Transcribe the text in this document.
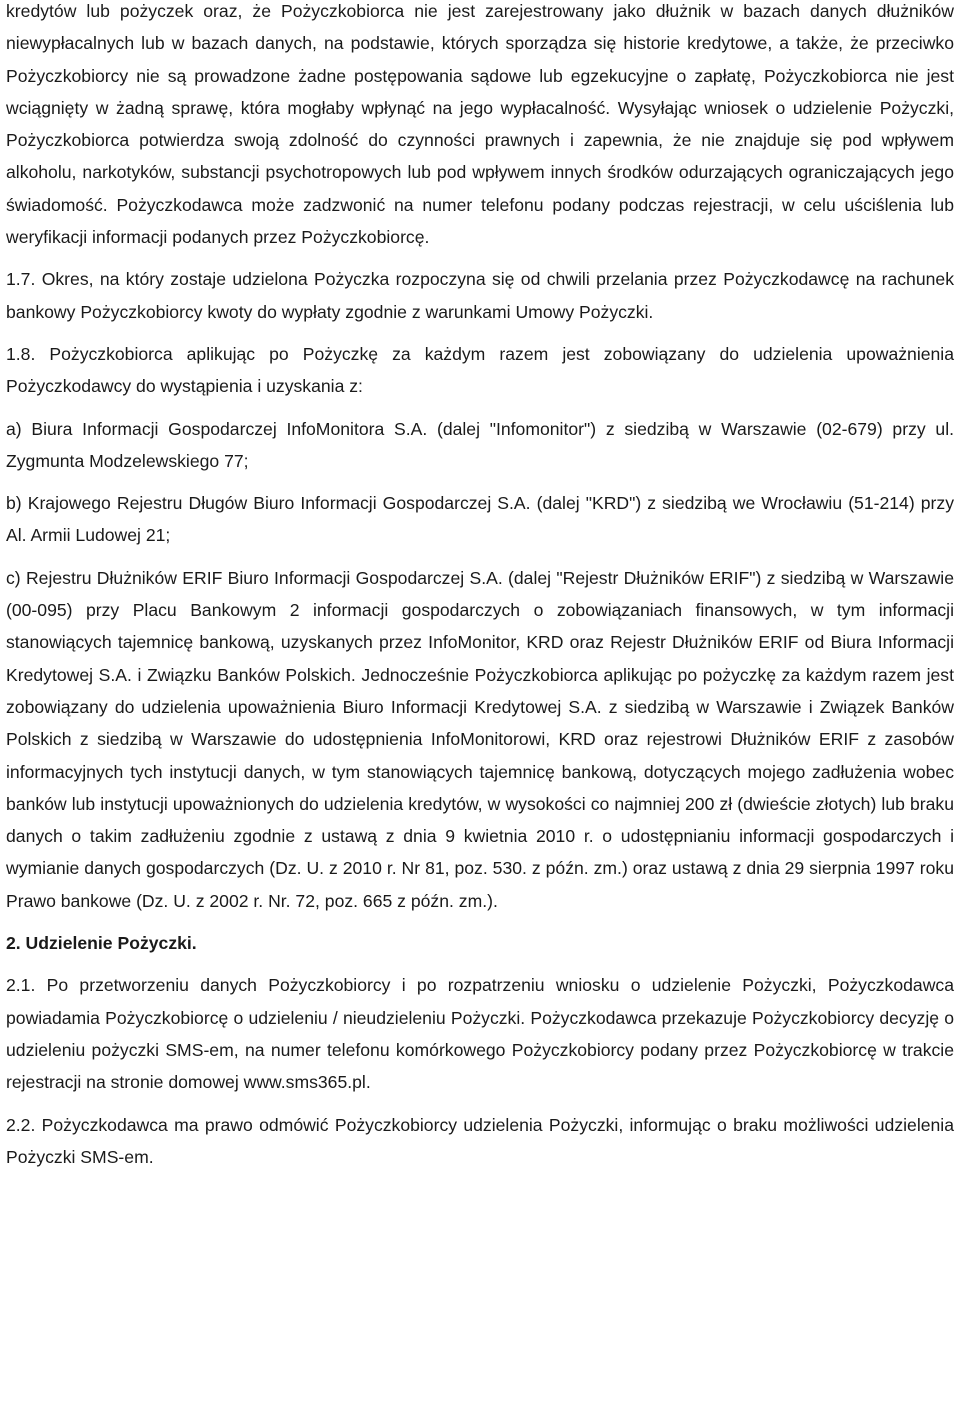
kredytów lub pożyczek oraz, że Pożyczkobiorca nie jest zarejestrowany jako dłużnik w bazach danych dłużników niewypłacalnych lub w bazach danych, na podstawie, których sporządza się historie kredytowe, a także, że przeciwko Pożyczkobiorcy nie są prowadzone żadne postępowania sądowe lub egzekucyjne o zapłatę, Pożyczkobiorca nie jest wciągnięty w żadną sprawę, która mogłaby wpłynąć na jego wypłacalność. Wysyłając wniosek o udzielenie Pożyczki, Pożyczkobiorca potwierdza swoją zdolność do czynności prawnych i zapewnia, że nie znajduje się pod wpływem alkoholu, narkotyków, substancji psychotropowych lub pod wpływem innych środków odurzających ograniczających jego świadomość. Pożyczkodawca może zadzwonić na numer telefonu podany podczas rejestracji, w celu uściślenia lub weryfikacji informacji podanych przez Pożyczkobiorcę.

1.7. Okres, na który zostaje udzielona Pożyczka rozpoczyna się od chwili przelania przez Pożyczkodawcę na rachunek bankowy Pożyczkobiorcy kwoty do wypłaty zgodnie z warunkami Umowy Pożyczki.

1.8. Pożyczkobiorca aplikując po Pożyczkę za każdym razem jest zobowiązany do udzielenia upoważnienia Pożyczkodawcy do wystąpienia i uzyskania z:

a) Biura Informacji Gospodarczej InfoMonitora S.A. (dalej "Infomonitor") z siedzibą w Warszawie (02-679) przy ul. Zygmunta Modzelewskiego 77;

b) Krajowego Rejestru Długów Biuro Informacji Gospodarczej S.A. (dalej "KRD") z siedzibą we Wrocławiu (51-214) przy Al. Armii Ludowej 21;

c) Rejestru Dłużników ERIF Biuro Informacji Gospodarczej S.A. (dalej "Rejestr Dłużników ERIF") z siedzibą w Warszawie (00-095) przy Placu Bankowym 2 informacji gospodarczych o zobowiązaniach finansowych, w tym informacji stanowiących tajemnicę bankową, uzyskanych przez InfoMonitor, KRD oraz Rejestr Dłużników ERIF od Biura Informacji Kredytowej S.A. i Związku Banków Polskich. Jednocześnie Pożyczkobiorca aplikując po pożyczkę za każdym razem jest zobowiązany do udzielenia upoważnienia Biuro Informacji Kredytowej S.A. z siedzibą w Warszawie i Związek Banków Polskich z siedzibą w Warszawie do udostępnienia InfoMonitorowi, KRD oraz rejestrowi Dłużników ERIF z zasobów informacyjnych tych instytucji danych, w tym stanowiących tajemnicę bankową, dotyczących mojego zadłużenia wobec banków lub instytucji upoważnionych do udzielenia kredytów, w wysokości co najmniej 200 zł (dwieście złotych) lub braku danych o takim zadłużeniu zgodnie z ustawą z dnia 9 kwietnia 2010 r. o udostępnianiu informacji gospodarczych i wymianie danych gospodarczych (Dz. U. z 2010 r. Nr 81, poz. 530. z późn. zm.) oraz ustawą z dnia 29 sierpnia 1997 roku Prawo bankowe (Dz. U. z 2002 r. Nr. 72, poz. 665 z późn. zm.).

2. Udzielenie Pożyczki.

2.1. Po przetworzeniu danych Pożyczkobiorcy i po rozpatrzeniu wniosku o udzielenie Pożyczki, Pożyczkodawca powiadamia Pożyczkobiorcę o udzieleniu / nieudzieleniu Pożyczki. Pożyczkodawca przekazuje Pożyczkobiorcy decyzję o udzieleniu pożyczki SMS-em, na numer telefonu komórkowego Pożyczkobiorcy podany przez Pożyczkobiorcę w trakcie rejestracji na stronie domowej www.sms365.pl.

2.2. Pożyczkodawca ma prawo odmówić Pożyczkobiorcy udzielenia Pożyczki, informując o braku możliwości udzielenia Pożyczki SMS-em.
